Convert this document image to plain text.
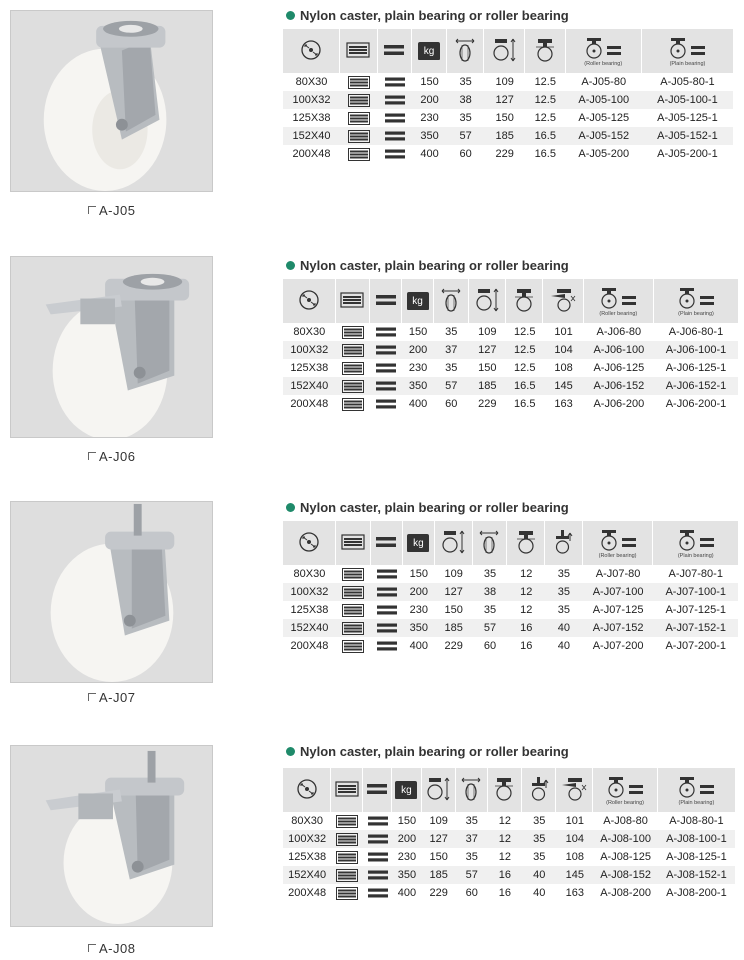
A-J05
Nylon caster, plain bearing or roller bearing
			kg				(Roller bearing)	(Plain bearing)

80X30			150	35	109	12.5	A-J05-80	A-J05-80-1
100X32			200	38	127	12.5	A-J05-100	A-J05-100-1
125X38			230	35	150	12.5	A-J05-125	A-J05-125-1
152X40			350	57	185	16.5	A-J05-152	A-J05-152-1
200X48			400	60	229	16.5	A-J05-200	A-J05-200-1
A-J06
Nylon caster, plain bearing or roller bearing
			kg					(Roller bearing)	(Plain bearing)

80X30			150	35	109	12.5	101	A-J06-80	A-J06-80-1
100X32			200	37	127	12.5	104	A-J06-100	A-J06-100-1
125X38			230	35	150	12.5	108	A-J06-125	A-J06-125-1
152X40			350	57	185	16.5	145	A-J06-152	A-J06-152-1
200X48			400	60	229	16.5	163	A-J06-200	A-J06-200-1
A-J07
Nylon caster, plain bearing or roller bearing
			kg					(Roller bearing)	(Plain bearing)

80X30			150	109	35	12	35	A-J07-80	A-J07-80-1
100X32			200	127	38	12	35	A-J07-100	A-J07-100-1
125X38			230	150	35	12	35	A-J07-125	A-J07-125-1
152X40			350	185	57	16	40	A-J07-152	A-J07-152-1
200X48			400	229	60	16	40	A-J07-200	A-J07-200-1
A-J08
Nylon caster, plain bearing or roller bearing
			kg						(Roller bearing)	(Plain bearing)

80X30			150	109	35	12	35	101	A-J08-80	A-J08-80-1
100X32			200	127	37	12	35	104	A-J08-100	A-J08-100-1
125X38			230	150	35	12	35	108	A-J08-125	A-J08-125-1
152X40			350	185	57	16	40	145	A-J08-152	A-J08-152-1
200X48			400	229	60	16	40	163	A-J08-200	A-J08-200-1
